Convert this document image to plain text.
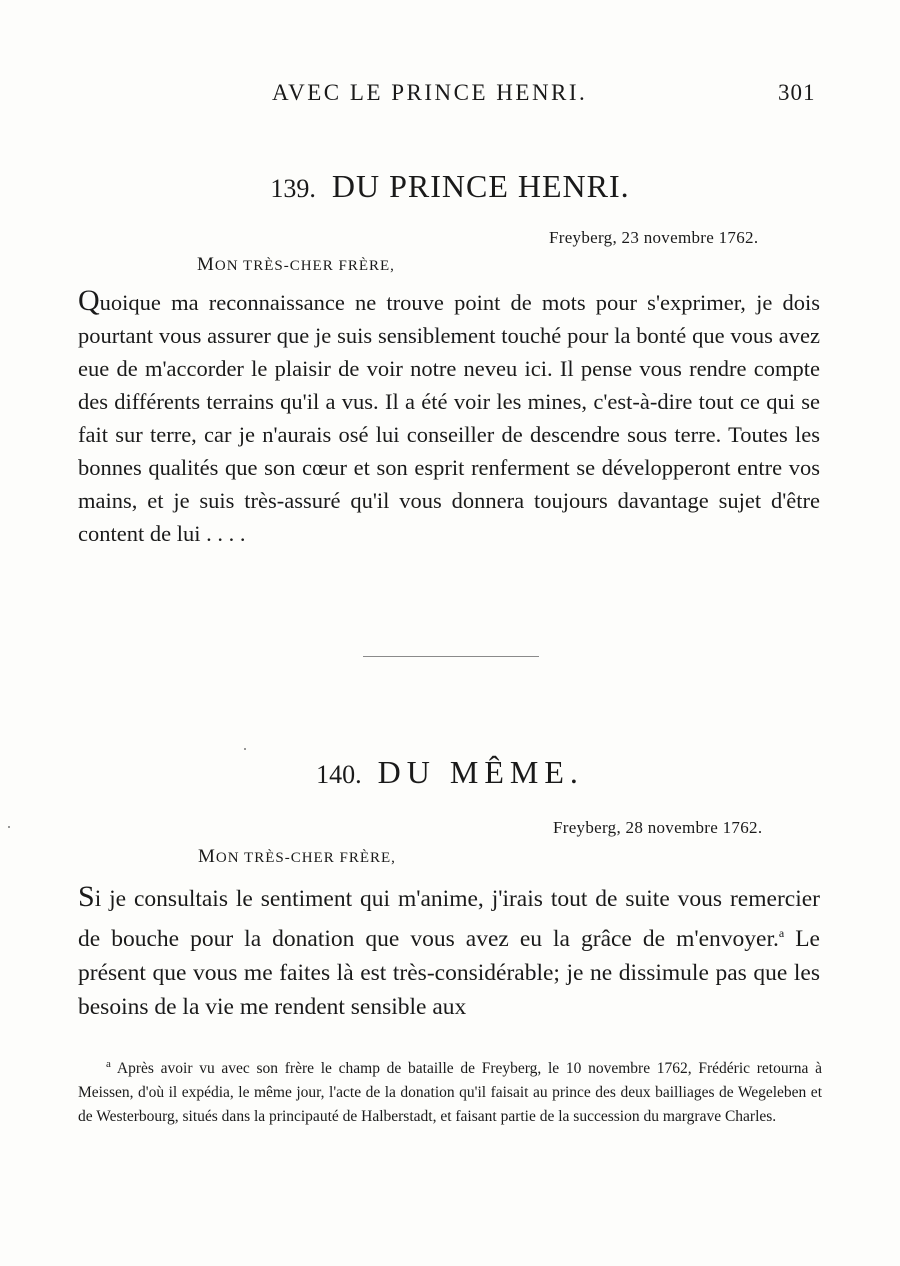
AVEC LE PRINCE HENRI.	301
139. DU PRINCE HENRI.
Freyberg, 23 novembre 1762.
MON TRÈS-CHER FRÈRE,
Quoique ma reconnaissance ne trouve point de mots pour s'exprimer, je dois pourtant vous assurer que je suis sensiblement touché pour la bonté que vous avez eue de m'accorder le plaisir de voir notre neveu ici. Il pense vous rendre compte des différents terrains qu'il a vus. Il a été voir les mines, c'est-à-dire tout ce qui se fait sur terre, car je n'aurais osé lui conseiller de descendre sous terre. Toutes les bonnes qualités que son cœur et son esprit renferment se développeront entre vos mains, et je suis très-assuré qu'il vous donnera toujours davantage sujet d'être content de lui . . . .
140. DU MÊME.
Freyberg, 28 novembre 1762.
MON TRÈS-CHER FRÈRE,
Si je consultais le sentiment qui m'anime, j'irais tout de suite vous remercier de bouche pour la donation que vous avez eu la grâce de m'envoyer.$^a$ Le présent que vous me faites là est très-considérable; je ne dissimule pas que les besoins de la vie me rendent sensible aux
$^a$ Après avoir vu avec son frère le champ de bataille de Freyberg, le 10 novembre 1762, Frédéric retourna à Meissen, d'où il expédia, le même jour, l'acte de la donation qu'il faisait au prince des deux bailliages de Wegeleben et de Westerbourg, situés dans la principauté de Halberstadt, et faisant partie de la succession du margrave Charles.
